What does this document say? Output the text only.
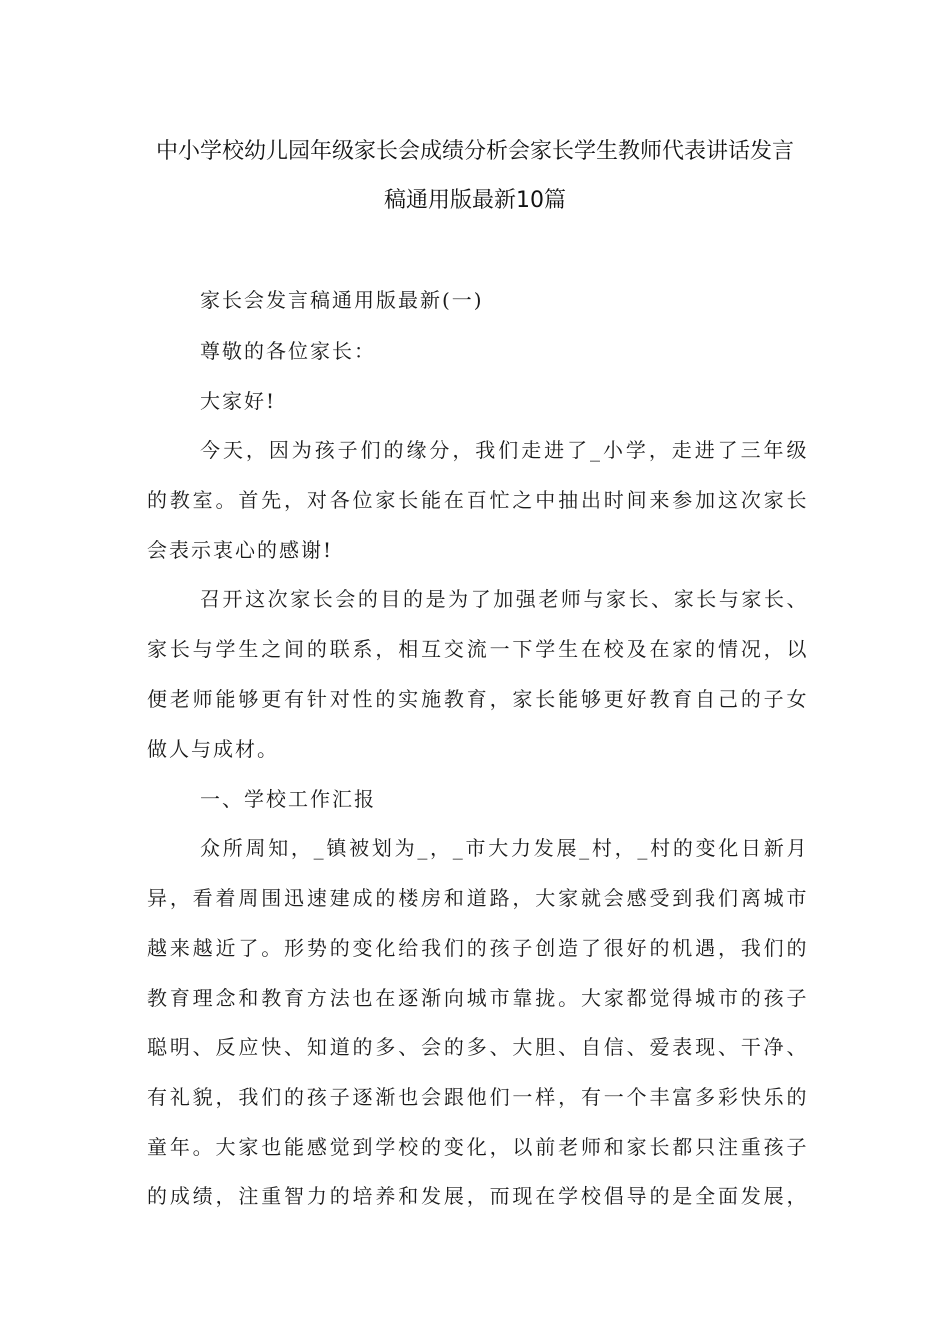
中小学校幼儿园年级家长会成绩分析会家长学生教师代表讲话发言
稿通用版最新10篇
家长会发言稿通用版最新(一)
尊敬的各位家长：
大家好!
今天，因为孩子们的缘分，我们走进了_小学，走进了三年级
的教室。首先，对各位家长能在百忙之中抽出时间来参加这次家长
会表示衷心的感谢!
召开这次家长会的目的是为了加强老师与家长、家长与家长、
家长与学生之间的联系，相互交流一下学生在校及在家的情况，以
便老师能够更有针对性的实施教育，家长能够更好教育自己的子女
做人与成材。
一、学校工作汇报
众所周知，_镇被划为_，_市大力发展_村，_村的变化日新月
异，看着周围迅速建成的楼房和道路，大家就会感受到我们离城市
越来越近了。形势的变化给我们的孩子创造了很好的机遇，我们的
教育理念和教育方法也在逐渐向城市靠拢。大家都觉得城市的孩子
聪明、反应快、知道的多、会的多、大胆、自信、爱表现、干净、
有礼貌，我们的孩子逐渐也会跟他们一样，有一个丰富多彩快乐的
童年。大家也能感觉到学校的变化，以前老师和家长都只注重孩子
的成绩，注重智力的培养和发展，而现在学校倡导的是全面发展，
